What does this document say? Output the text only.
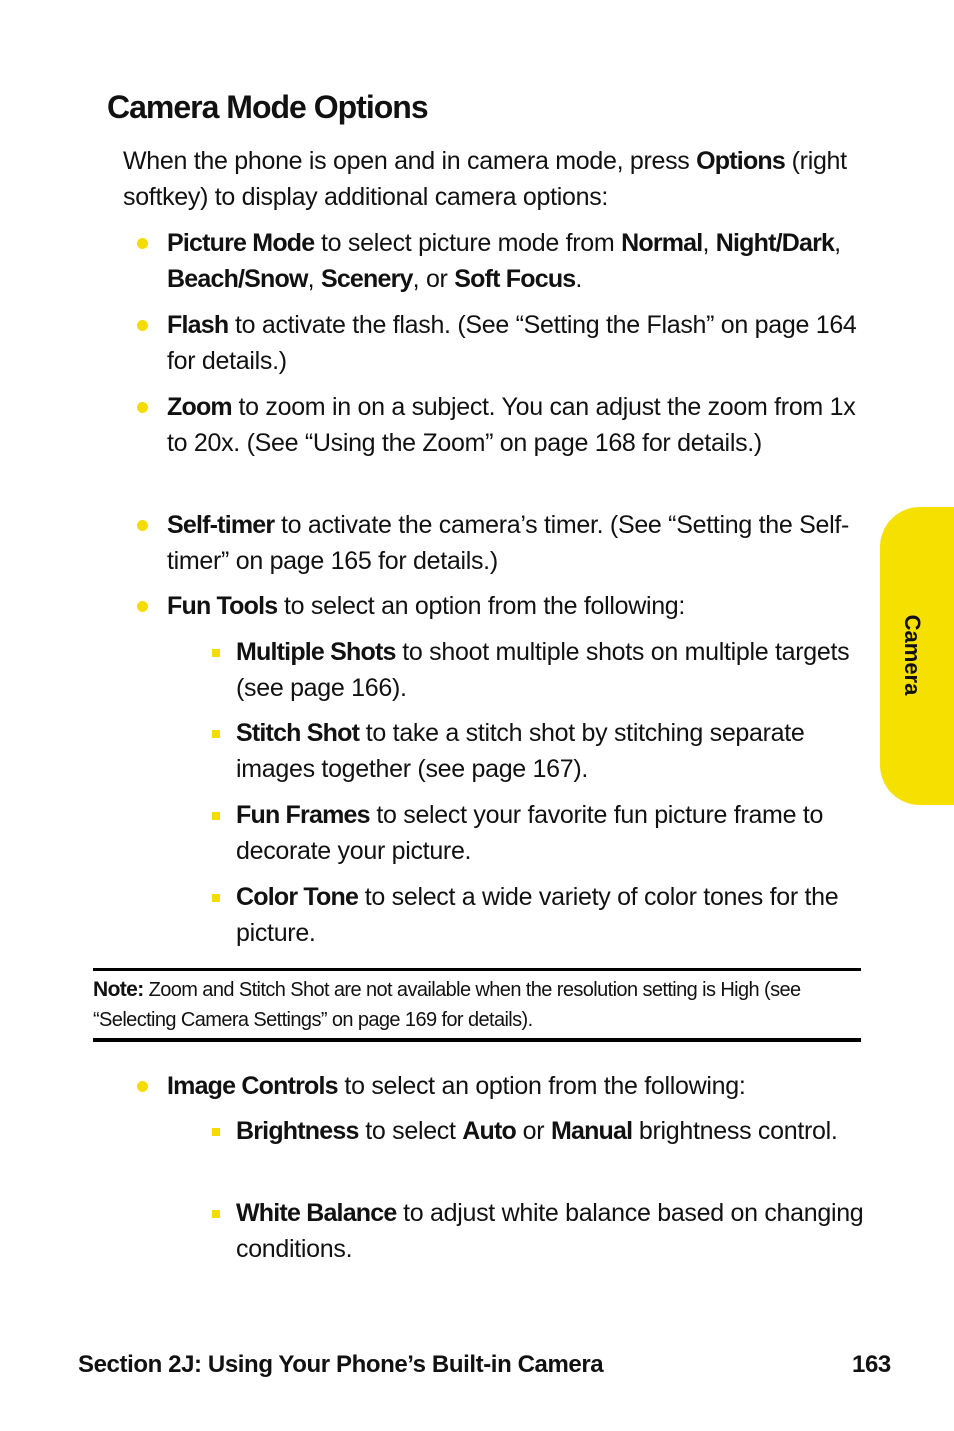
Camera Mode Options

When the phone is open and in camera mode, press Options (right softkey) to display additional camera options:

Picture Mode to select picture mode from Normal, Night/Dark, Beach/Snow, Scenery, or Soft Focus.

Flash to activate the flash. (See “Setting the Flash” on page 164 for details.)

Zoom to zoom in on a subject. You can adjust the zoom from 1x to 20x. (See “Using the Zoom” on page 168 for details.)

Self-timer to activate the camera’s timer. (See “Setting the Self-timer” on page 165 for details.)

Fun Tools to select an option from the following:

Multiple Shots to shoot multiple shots on multiple targets (see page 166).

Stitch Shot to take a stitch shot by stitching separate images together (see page 167).

Fun Frames to select your favorite fun picture frame to decorate your picture.

Color Tone to select a wide variety of color tones for the picture.

Note: Zoom and Stitch Shot are not available when the resolution setting is High (see “Selecting Camera Settings” on page 169 for details).

Image Controls to select an option from the following:

Brightness to select Auto or Manual brightness control.

White Balance to adjust white balance based on changing conditions.

Camera

Section 2J: Using Your Phone’s Built-in Camera	163
